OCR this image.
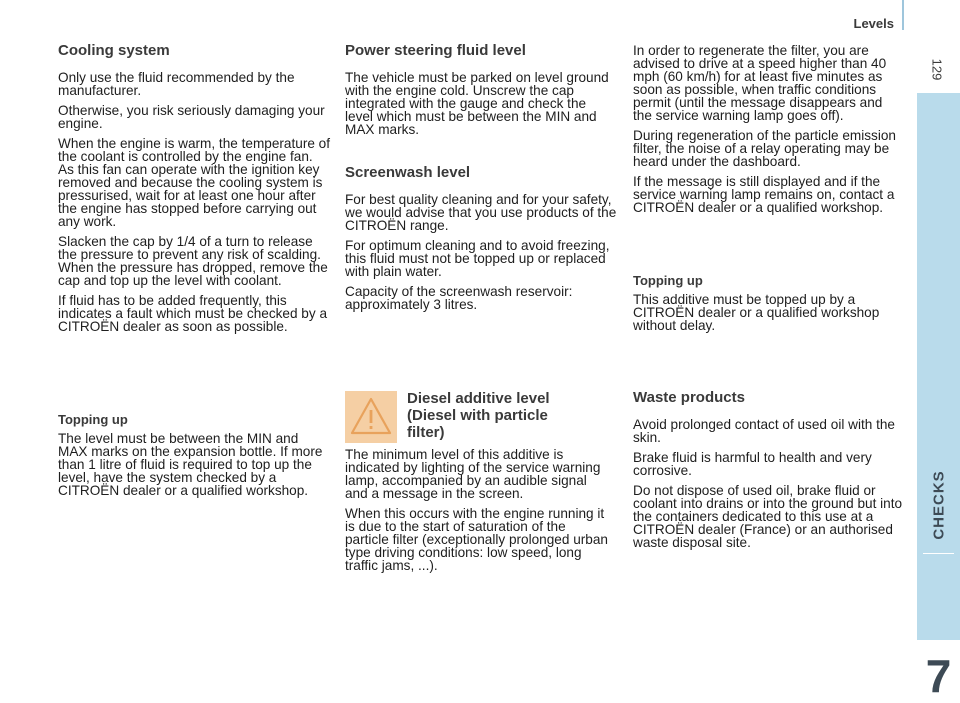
Levels
129
CHECKS
7
Cooling system

Only use the fluid recommended by the manufacturer.

Otherwise, you risk seriously damaging your engine.

When the engine is warm, the temperature of the coolant is controlled by the engine fan. As this fan can operate with the ignition key removed and because the cooling system is pressurised, wait for at least one hour after the engine has stopped before carrying out any work.

Slacken the cap by 1/4 of a turn to release the pressure to prevent any risk of scalding. When the pressure has dropped, remove the cap and top up the level with coolant.

If fluid has to be added frequently, this indicates a fault which must be checked by a CITROËN dealer as soon as possible.

Topping up

The level must be between the MIN and MAX marks on the expansion bottle. If more than 1 litre of fluid is required to top up the level, have the system checked by a CITROËN dealer or a qualified workshop.

Power steering fluid level

The vehicle must be parked on level ground with the engine cold. Unscrew the cap integrated with the gauge and check the level which must be between the MIN and MAX marks.

Screenwash level

For best quality cleaning and for your safety, we would advise that you use products of the CITROËN range.

For optimum cleaning and to avoid freezing, this fluid must not be topped up or replaced with plain water.

Capacity of the screenwash reservoir: approximately 3 litres.

Diesel additive level
(Diesel with particle
filter)

The minimum level of this additive is indicated by lighting of the service warning lamp, accompanied by an audible signal and a message in the screen.

When this occurs with the engine running it is due to the start of saturation of the particle filter (exceptionally prolonged urban type driving conditions: low speed, long traffic jams, ...).

In order to regenerate the filter, you are advised to drive at a speed higher than 40 mph (60 km/h) for at least five minutes as soon as possible, when traffic conditions permit (until the message disappears and the service warning lamp goes off).

During regeneration of the particle emission filter, the noise of a relay operating may be heard under the dashboard.

If the message is still displayed and if the service warning lamp remains on, contact a CITROËN dealer or a qualified workshop.

Topping up

This additive must be topped up by a CITROËN dealer or a qualified workshop without delay.

Waste products

Avoid prolonged contact of used oil with the skin.

Brake fluid is harmful to health and very corrosive.

Do not dispose of used oil, brake fluid or coolant into drains or into the ground but into the containers dedicated to this use at a CITROËN dealer (France) or an authorised waste disposal site.
